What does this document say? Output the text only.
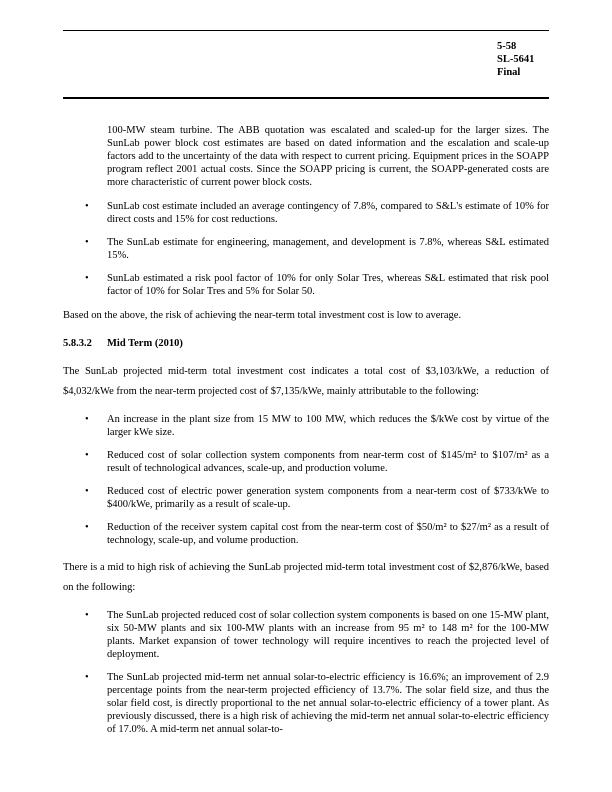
5-58
SL-5641
Final

100-MW steam turbine. The ABB quotation was escalated and scaled-up for the larger sizes. The SunLab power block cost estimates are based on dated information and the escalation and scale-up factors add to the uncertainty of the data with respect to current pricing. Equipment prices in the SOAPP program reflect 2001 actual costs. Since the SOAPP pricing is current, the SOAPP-generated costs are more characteristic of current power block costs.

• SunLab cost estimate included an average contingency of 7.8%, compared to S&L's estimate of 10% for direct costs and 15% for cost reductions.
• The SunLab estimate for engineering, management, and development is 7.8%, whereas S&L estimated 15%.
• SunLab estimated a risk pool factor of 10% for only Solar Tres, whereas S&L estimated that risk pool factor of 10% for Solar Tres and 5% for Solar 50.

Based on the above, the risk of achieving the near-term total investment cost is low to average.

5.8.3.2 Mid Term (2010)

The SunLab projected mid-term total investment cost indicates a total cost of $3,103/kWe, a reduction of $4,032/kWe from the near-term projected cost of $7,135/kWe, mainly attributable to the following:

• An increase in the plant size from 15 MW to 100 MW, which reduces the $/kWe cost by virtue of the larger kWe size.
• Reduced cost of solar collection system components from near-term cost of $145/m² to $107/m² as a result of technological advances, scale-up, and production volume.
• Reduced cost of electric power generation system components from a near-term cost of $733/kWe to $400/kWe, primarily as a result of scale-up.
• Reduction of the receiver system capital cost from the near-term cost of $50/m² to $27/m² as a result of technology, scale-up, and volume production.

There is a mid to high risk of achieving the SunLab projected mid-term total investment cost of $2,876/kWe, based on the following:

• The SunLab projected reduced cost of solar collection system components is based on one 15-MW plant, six 50-MW plants and six 100-MW plants with an increase from 95 m² to 148 m² for the 100-MW plants. Market expansion of tower technology will require incentives to reach the projected level of deployment.
• The SunLab projected mid-term net annual solar-to-electric efficiency is 16.6%; an improvement of 2.9 percentage points from the near-term projected efficiency of 13.7%. The solar field size, and thus the solar field cost, is directly proportional to the net annual solar-to-electric efficiency of a tower plant. As previously discussed, there is a high risk of achieving the mid-term net annual solar-to-electric efficiency of 17.0%. A mid-term net annual solar-to-
